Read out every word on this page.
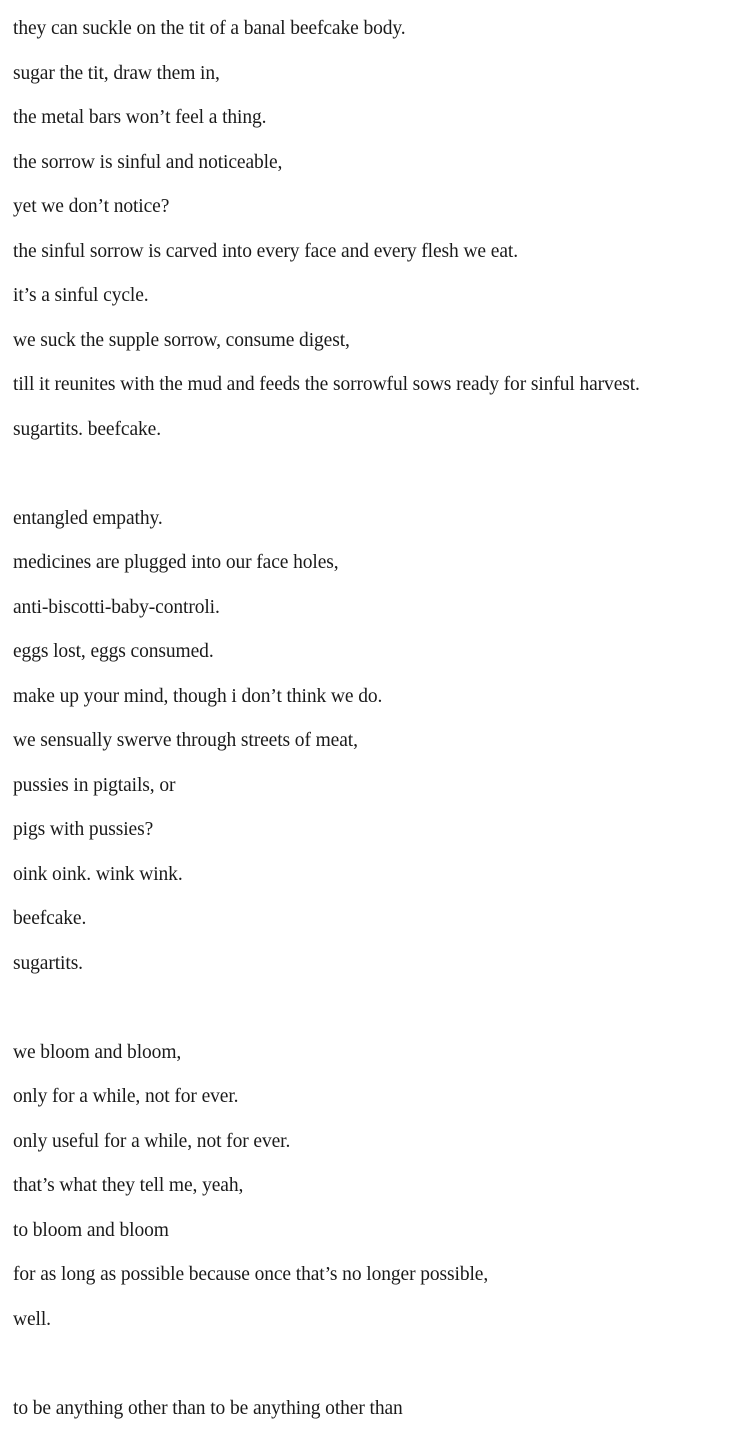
they can suckle on the tit of a banal beefcake body.
sugar the tit, draw them in,
the metal bars won’t feel a thing.
the sorrow is sinful and noticeable,
yet we don’t notice?
the sinful sorrow is carved into every face and every flesh we eat.
it’s a sinful cycle.
we suck the supple sorrow, consume digest,
till it reunites with the mud and feeds the sorrowful sows ready for sinful harvest.
sugartits. beefcake.
entangled empathy.
medicines are plugged into our face holes,
anti-biscotti-baby-controli.
eggs lost, eggs consumed.
make up your mind, though i don’t think we do.
we sensually swerve through streets of meat,
pussies in pigtails, or
pigs with pussies?
oink oink. wink wink.
beefcake.
sugartits.
we bloom and bloom,
only for a while, not for ever.
only useful for a while, not for ever.
that’s what they tell me, yeah,
to bloom and bloom
for as long as possible because once that’s no longer possible,
well.
to be anything other than to be anything other than
